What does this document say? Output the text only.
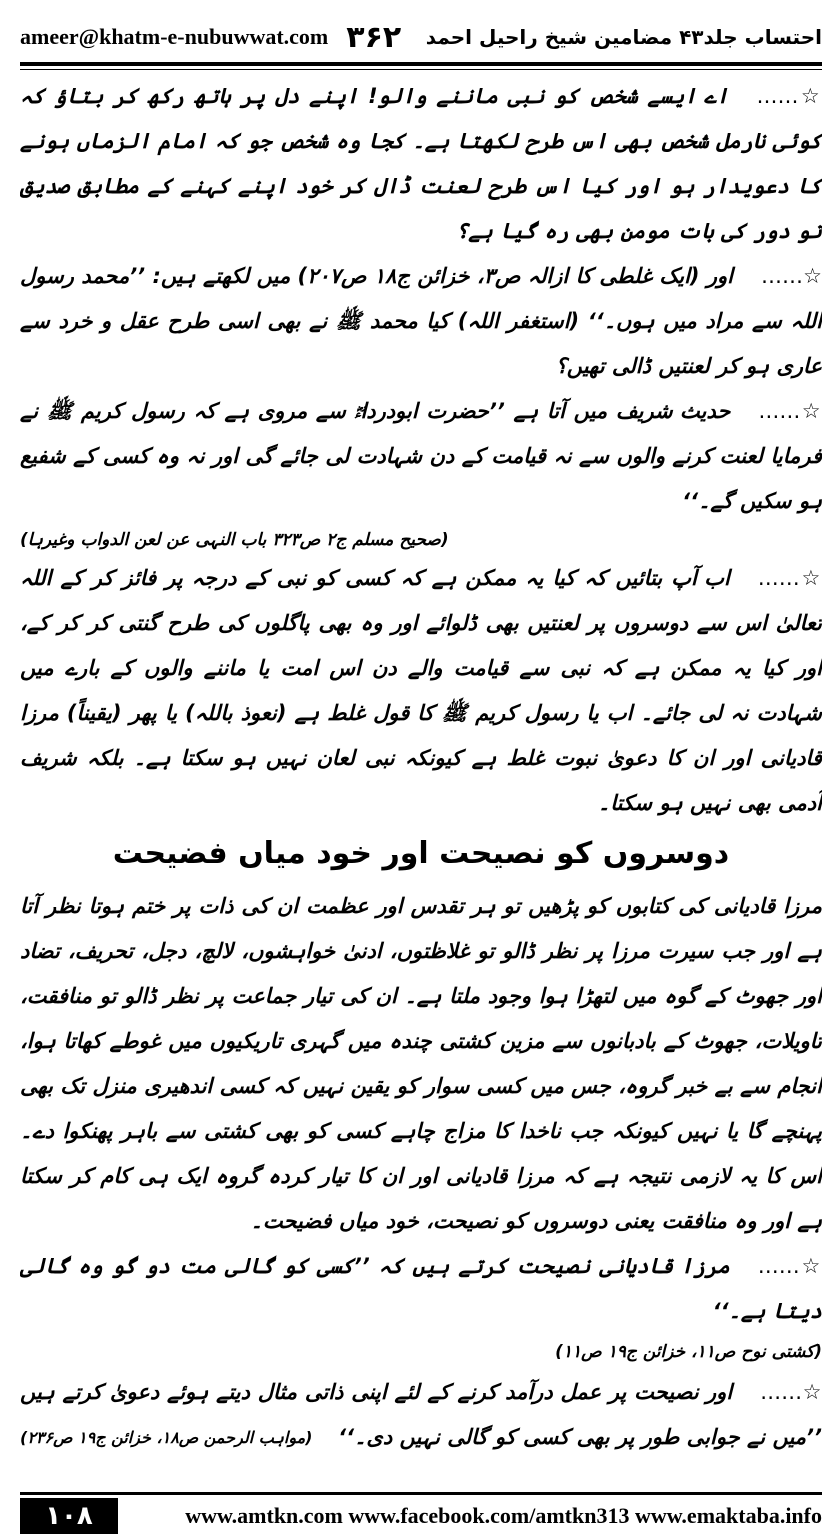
ameer@khatm-e-nubuwwat.com ۳۶۲ احتساب جلد۴۳ مضامین شیخ راحیل احمد

☆……اے ایسے شخص کو نبی ماننے والو! اپنے دل پر ہاتھ رکھ کر بتاؤ کہ کوئی نارمل شخص بھی اس طرح لکھتا ہے۔ کجا وہ شخص جو کہ امام الزماں ہونے کا دعویدار ہو اور کیا اس طرح لعنت ڈال کر خود اپنے کہنے کے مطابق صدیق تو دور کی بات مومن بھی رہ گیا ہے؟

☆……اور (ایک غلطی کا ازالہ ص۳، خزائن ج۱۸ ص۲۰۷) میں لکھتے ہیں: ’’محمد رسول اللہ سے مراد میں ہوں۔‘‘ (استغفر اللہ) کیا محمد ﷺ نے بھی اسی طرح عقل و خرد سے عاری ہو کر لعنتیں ڈالی تھیں؟

☆……حدیث شریف میں آتا ہے ’’حضرت ابودرداءؓ سے مروی ہے کہ رسول کریم ﷺ نے فرمایا لعنت کرنے والوں سے نہ قیامت کے دن شہادت لی جائے گی اور نہ وہ کسی کے شفیع ہو سکیں گے۔‘‘

(صحیح مسلم ج۲ ص۳۲۳ باب النہی عن لعن الدواب وغیرہا)

☆……اب آپ بتائیں کہ کیا یہ ممکن ہے کہ کسی کو نبی کے درجہ پر فائز کر کے اللہ تعالیٰ اس سے دوسروں پر لعنتیں بھی ڈلوائے اور وہ بھی پاگلوں کی طرح گنتی کر کر کے، اور کیا یہ ممکن ہے کہ نبی سے قیامت والے دن اس امت یا ماننے والوں کے بارے میں شہادت نہ لی جائے۔ اب یا رسول کریم ﷺ کا قول غلط ہے (نعوذ باللہ) یا پھر (یقیناً) مرزا قادیانی اور ان کا دعویٰ نبوت غلط ہے کیونکہ نبی لعان نہیں ہو سکتا ہے۔ بلکہ شریف آدمی بھی نہیں ہو سکتا۔

دوسروں کو نصیحت اور خود میاں فضیحت

مرزا قادیانی کی کتابوں کو پڑھیں تو ہر تقدس اور عظمت ان کی ذات پر ختم ہوتا نظر آتا ہے اور جب سیرت مرزا پر نظر ڈالو تو غلاظتوں، ادنیٰ خواہشوں، لالچ، دجل، تحریف، تضاد اور جھوٹ کے گوہ میں لتھڑا ہوا وجود ملتا ہے۔ ان کی تیار جماعت پر نظر ڈالو تو منافقت، تاویلات، جھوٹ کے بادبانوں سے مزین کشتی چندہ میں گہری تاریکیوں میں غوطے کھاتا ہوا، انجام سے بے خبر گروہ، جس میں کسی سوار کو یقین نہیں کہ کسی اندھیری منزل تک بھی پہنچے گا یا نہیں کیونکہ جب ناخدا کا مزاج چاہے کسی کو بھی کشتی سے باہر پھنکوا دے۔ اس کا یہ لازمی نتیجہ ہے کہ مرزا قادیانی اور ان کا تیار کردہ گروہ ایک ہی کام کر سکتا ہے اور وہ منافقت یعنی دوسروں کو نصیحت، خود میاں فضیحت۔

☆……مرزا قادیانی نصیحت کرتے ہیں کہ ’’کسی کو گالی مت دو گو وہ گالی دیتا ہے۔‘‘

(کشتی نوح ص۱۱، خزائن ج۱۹ ص۱۱)

☆……اور نصیحت پر عمل درآمد کرنے کے لئے اپنی ذاتی مثال دیتے ہوئے دعویٰ کرتے ہیں ’’میں نے جوابی طور پر بھی کسی کو گالی نہیں دی۔‘‘
(مواہب الرحمن ص۱۸، خزائن ج۱۹ ص۲۳۶)

۱۰۸	www.amtkn.com www.facebook.com/amtkn313 www.emaktaba.info
